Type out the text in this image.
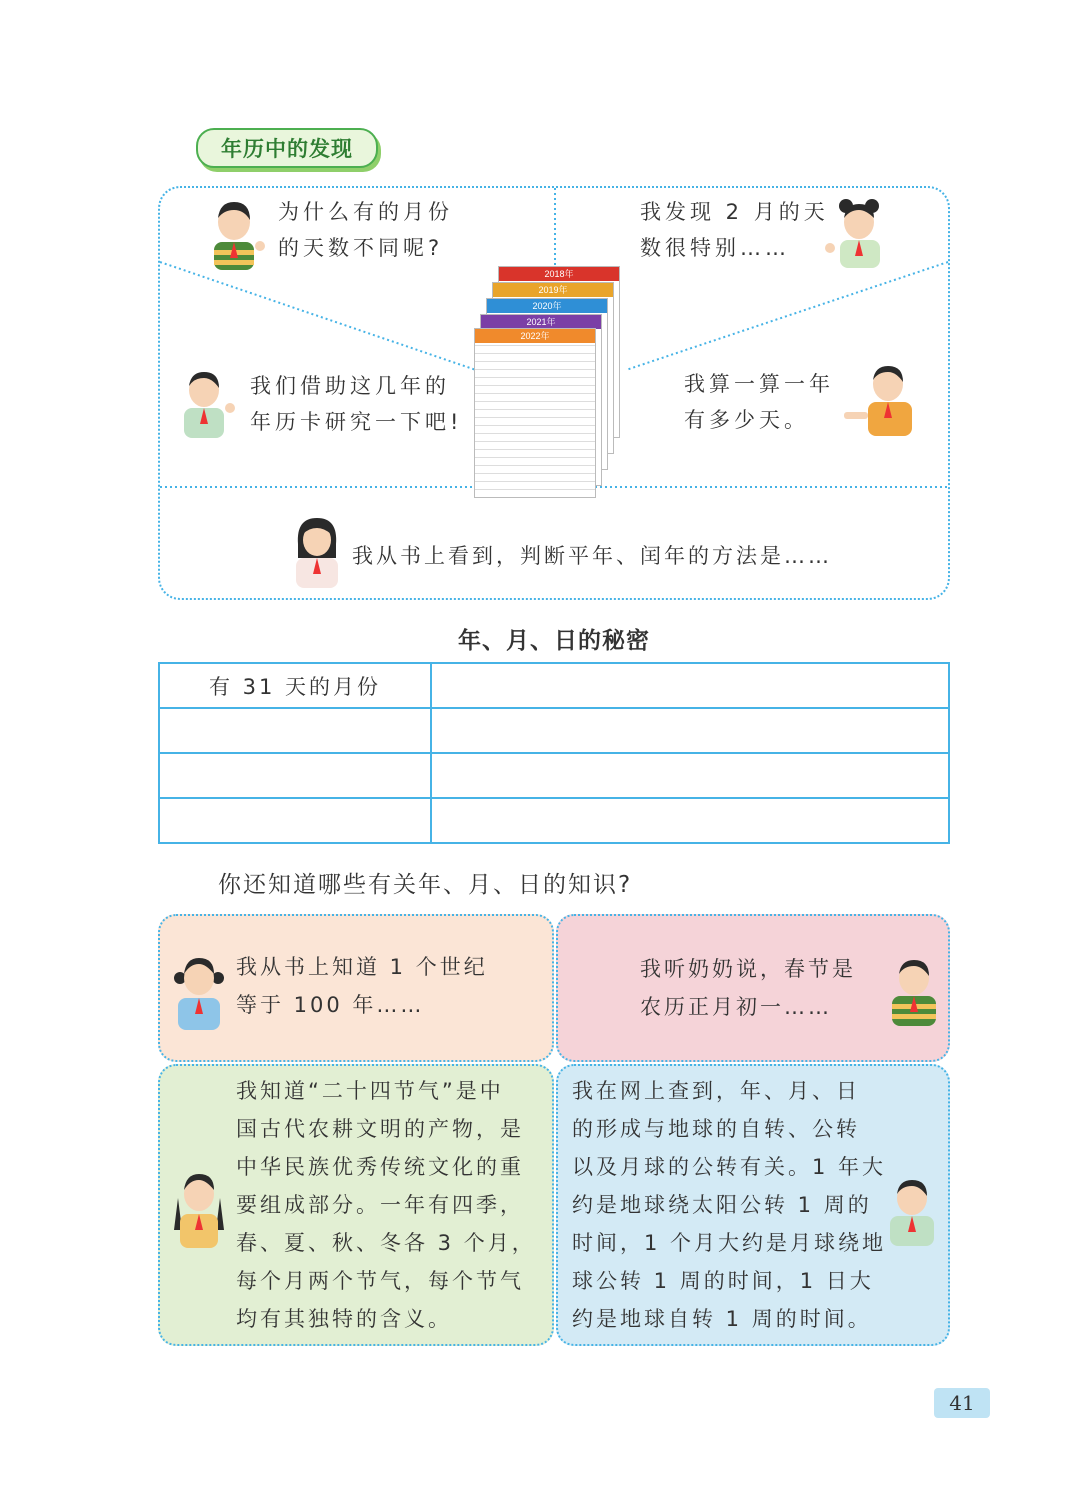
年历中的发现
为什么有的月份
的天数不同呢?
我发现 2 月的天
数很特别……
我们借助这几年的
年历卡研究一下吧!
2018年
2019年
2020年
2021年
2022年
我算一算一年
有多少天。
我从书上看到，判断平年、闰年的方法是……
年、月、日的秘密
有 31 天的月份	

你还知道哪些有关年、月、日的知识?
我从书上知道 1 个世纪
等于 100 年……
我听奶奶说，春节是
农历正月初一……
我知道“二十四节气”是中
国古代农耕文明的产物，是
中华民族优秀传统文化的重
要组成部分。一年有四季，
春、夏、秋、冬各 3 个月，
每个月两个节气，每个节气
均有其独特的含义。
我在网上查到，年、月、日
的形成与地球的自转、公转
以及月球的公转有关。1 年大
约是地球绕太阳公转 1 周的
时间，1 个月大约是月球绕地
球公转 1 周的时间，1 日大
约是地球自转 1 周的时间。
41
